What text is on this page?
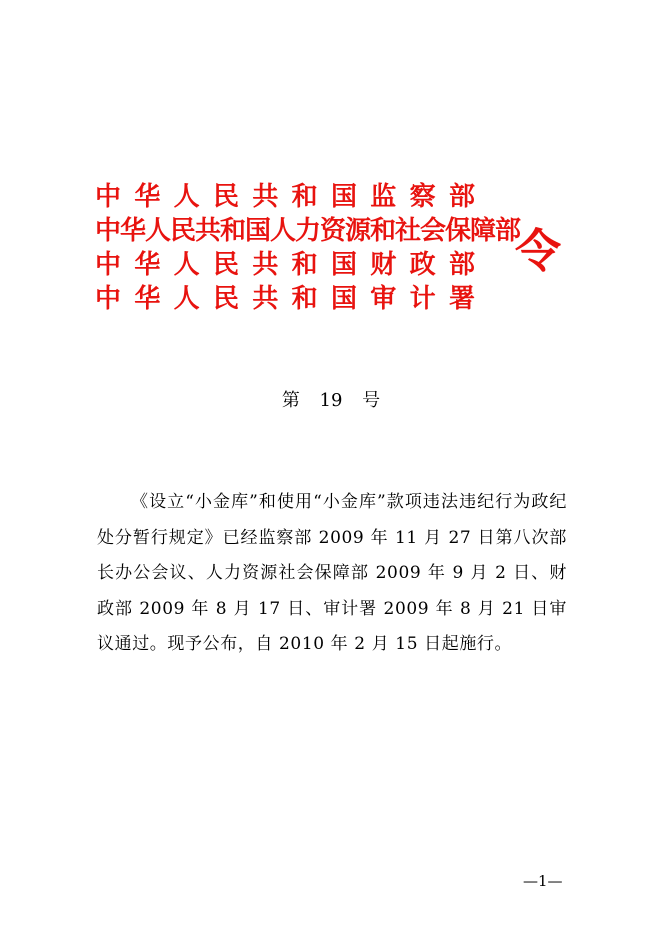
中 华 人 民 共 和 国 监 察 部
中华人民共和国人力资源和社会保障部
中 华 人 民 共 和 国 财 政 部
中 华 人 民 共 和 国 审 计 署
令
第 19 号

《设立“小金库”和使用“小金库”款项违法违纪行为政纪处分暂行规定》已经监察部 2009 年 11 月 27 日第八次部长办公会议、人力资源社会保障部 2009 年 9 月 2 日、财政部 2009 年 8 月 17 日、审计署 2009 年 8 月 21 日审议通过。现予公布，自 2010 年 2 月 15 日起施行。

—1—
